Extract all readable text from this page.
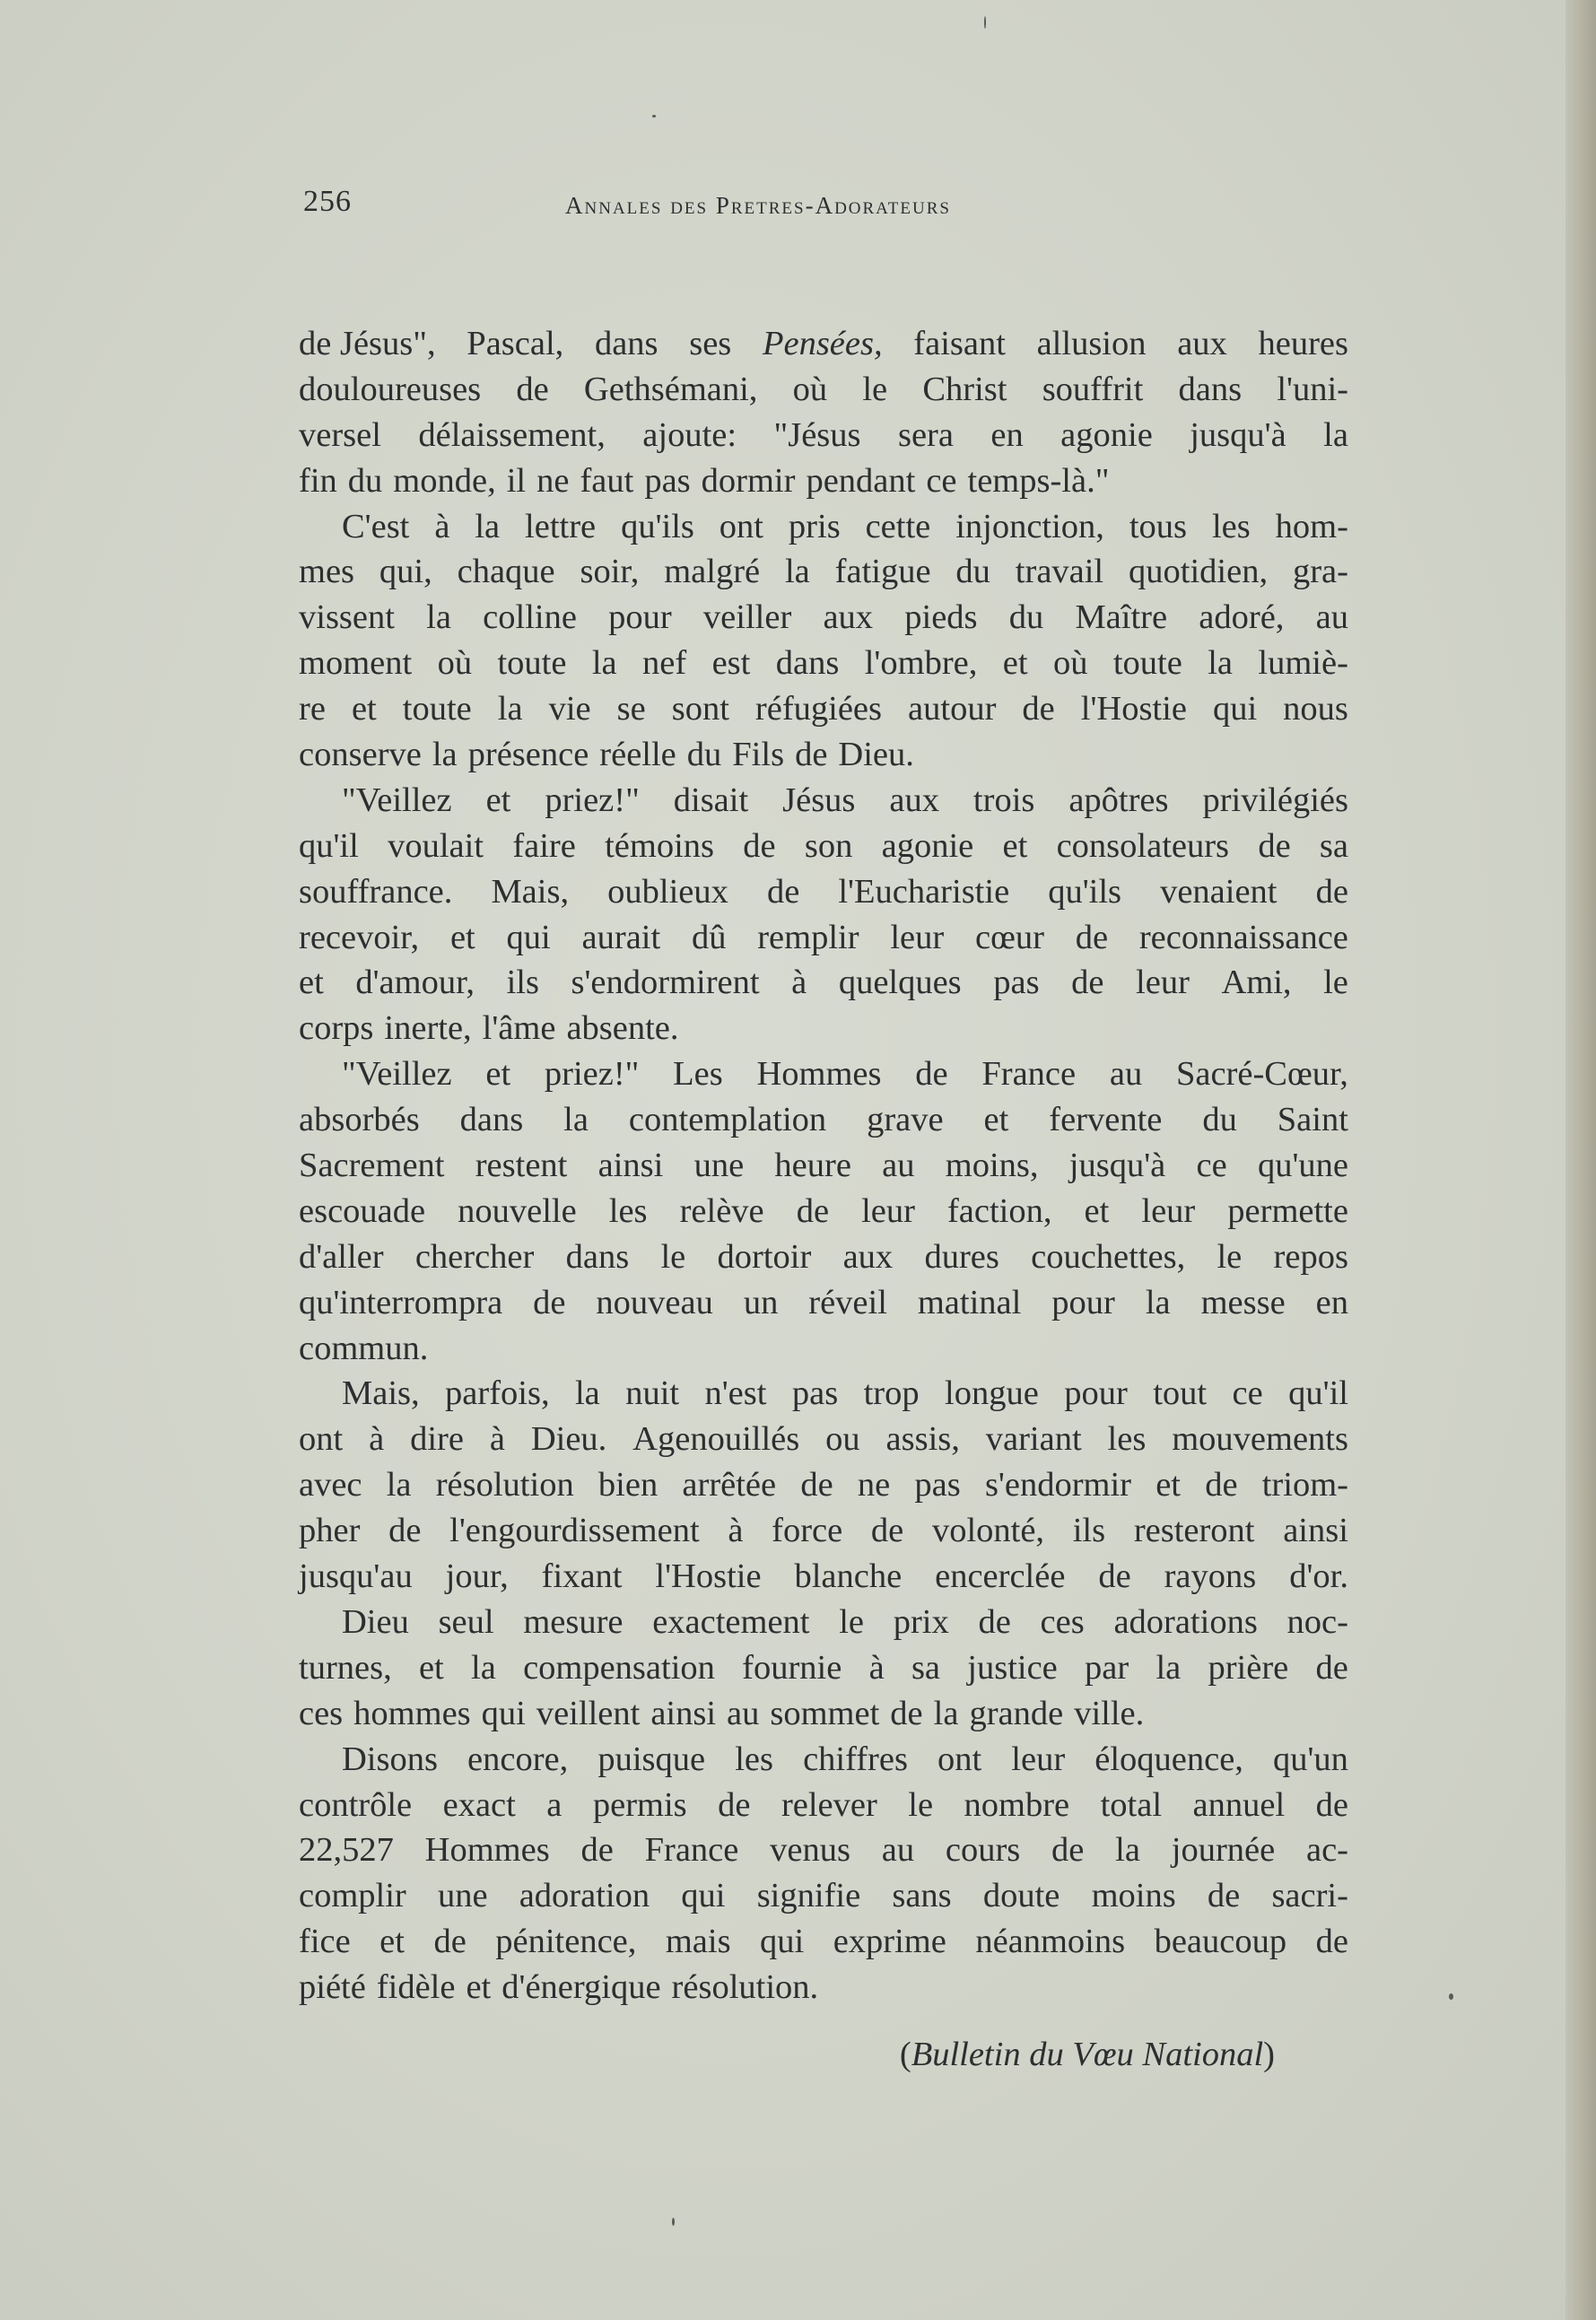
256	Annales des Pretres-Adorateurs
de Jésus", Pascal, dans ses Pensées, faisant allusion aux heures
douloureuses de Gethsémani, où le Christ souffrit dans l'uni-
versel délaissement, ajoute: "Jésus sera en agonie jusqu'à la
fin du monde, il ne faut pas dormir pendant ce temps-là."
C'est à la lettre qu'ils ont pris cette injonction, tous les hom-
mes qui, chaque soir, malgré la fatigue du travail quotidien, gra-
vissent la colline pour veiller aux pieds du Maître adoré, au
moment où toute la nef est dans l'ombre, et où toute la lumiè-
re et toute la vie se sont réfugiées autour de l'Hostie qui nous
conserve la présence réelle du Fils de Dieu.
"Veillez et priez!" disait Jésus aux trois apôtres privilégiés
qu'il voulait faire témoins de son agonie et consolateurs de sa
souffrance. Mais, oublieux de l'Eucharistie qu'ils venaient de
recevoir, et qui aurait dû remplir leur cœur de reconnaissance
et d'amour, ils s'endormirent à quelques pas de leur Ami, le
corps inerte, l'âme absente.
"Veillez et priez!" Les Hommes de France au Sacré-Cœur,
absorbés dans la contemplation grave et fervente du Saint
Sacrement restent ainsi une heure au moins, jusqu'à ce qu'une
escouade nouvelle les relève de leur faction, et leur permette
d'aller chercher dans le dortoir aux dures couchettes, le repos
qu'interrompra de nouveau un réveil matinal pour la messe en
commun.
Mais, parfois, la nuit n'est pas trop longue pour tout ce qu'il
ont à dire à Dieu. Agenouillés ou assis, variant les mouvements
avec la résolution bien arrêtée de ne pas s'endormir et de triom-
pher de l'engourdissement à force de volonté, ils resteront ainsi
jusqu'au jour, fixant l'Hostie blanche encerclée de rayons d'or.
Dieu seul mesure exactement le prix de ces adorations noc-
turnes, et la compensation fournie à sa justice par la prière de
ces hommes qui veillent ainsi au sommet de la grande ville.
Disons encore, puisque les chiffres ont leur éloquence, qu'un
contrôle exact a permis de relever le nombre total annuel de
22,527 Hommes de France venus au cours de la journée ac-
complir une adoration qui signifie sans doute moins de sacri-
fice et de pénitence, mais qui exprime néanmoins beaucoup de
piété fidèle et d'énergique résolution.
(Bulletin du Vœu National)
